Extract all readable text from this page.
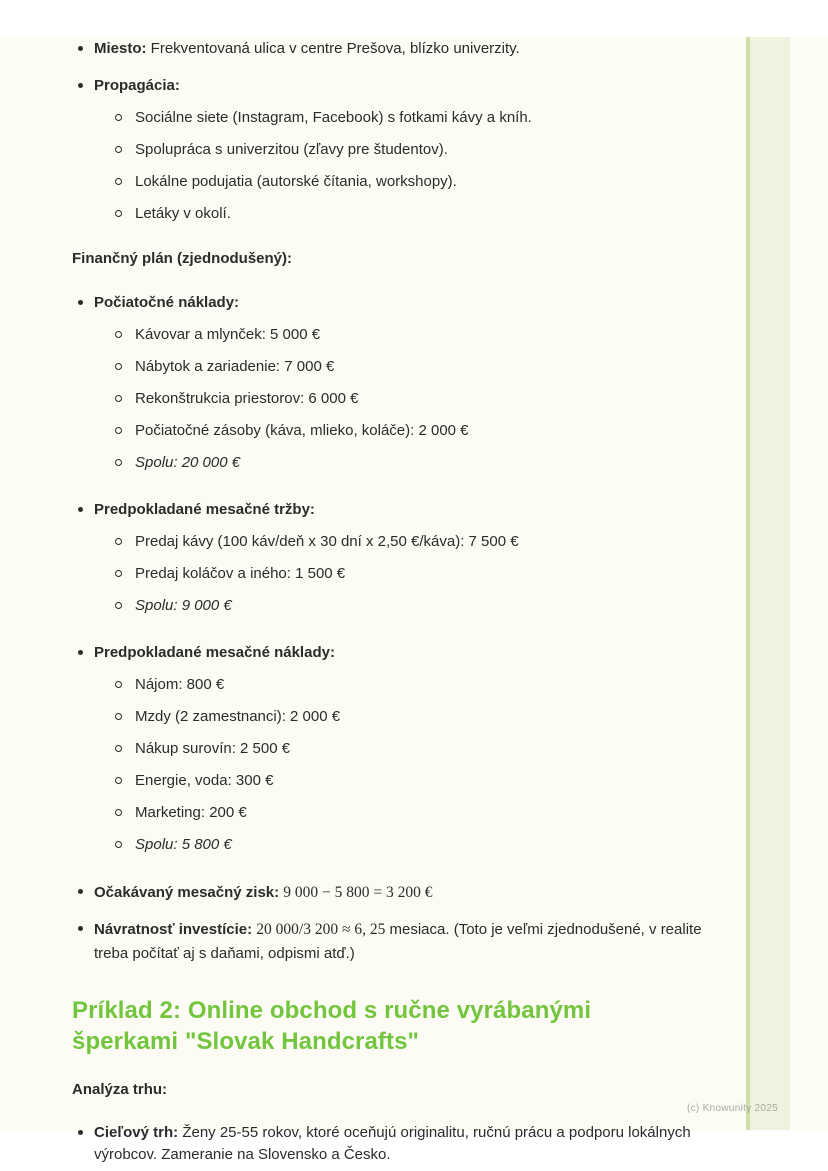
Miesto: Frekventovaná ulica v centre Prešova, blízko univerzity.
Propagácia:
Sociálne siete (Instagram, Facebook) s fotkami kávy a kníh.
Spolupráca s univerzitou (zľavy pre študentov).
Lokálne podujatia (autorské čítania, workshopy).
Letáky v okolí.

Finančný plán (zjednodušený):

Počiatočné náklady:
Kávovar a mlynček: 5 000 €
Nábytok a zariadenie: 7 000 €
Rekonštrukcia priestorov: 6 000 €
Počiatočné zásoby (káva, mlieko, koláče): 2 000 €
Spolu: 20 000 €
Predpokladané mesačné tržby:
Predaj kávy (100 káv/deň x 30 dní x 2,50 €/káva): 7 500 €
Predaj koláčov a iného: 1 500 €
Spolu: 9 000 €
Predpokladané mesačné náklady:
Nájom: 800 €
Mzdy (2 zamestnanci): 2 000 €
Nákup surovín: 2 500 €
Energie, voda: 300 €
Marketing: 200 €
Spolu: 5 800 €
Očakávaný mesačný zisk: 9 000 − 5 800 = 3 200 €
Návratnosť investície: 20 000/3 200 ≈ 6, 25 mesiaca. (Toto je veľmi zjednodušené, v realite treba počítať aj s daňami, odpismi atď.)
Príklad 2: Online obchod s ručne vyrábanými šperkami "Slovak Handcrafts"

Analýza trhu:

Cieľový trh: Ženy 25-55 rokov, ktoré oceňujú originalitu, ručnú prácu a podporu lokálnych výrobcov. Zameranie na Slovensko a Česko.
(c) Knowunity 2025
